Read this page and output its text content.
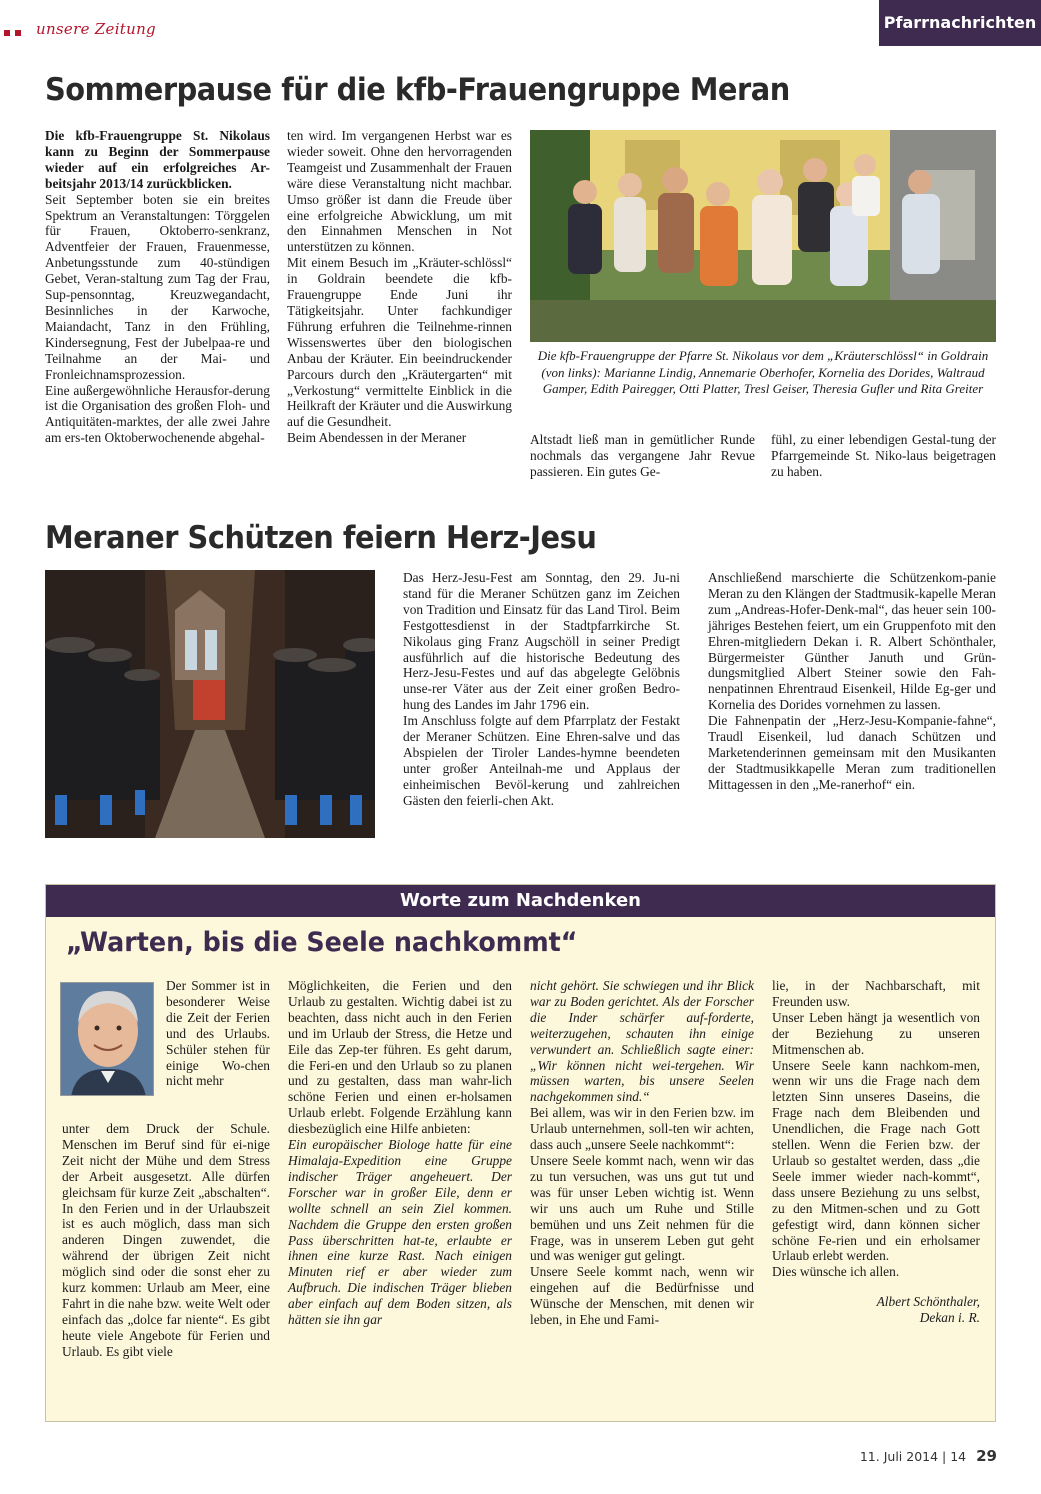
unsere Zeitung	Pfarrnachrichten
Sommerpause für die kfb-Frauengruppe Meran

Die kfb-Frauengruppe St. Nikolaus kann zu Beginn der Sommerpause wieder auf ein erfolgreiches Ar-beitsjahr 2013/14 zurückblicken.

Seit September boten sie ein breites Spektrum an Veranstaltungen: Törggelen für Frauen, Oktoberro-senkranz, Adventfeier der Frauen, Frauenmesse, Anbetungsstunde zum 40-stündigen Gebet, Veran-staltung zum Tag der Frau, Sup-pensonntag, Kreuzwegandacht, Besinnliches in der Karwoche, Maiandacht, Tanz in den Frühling, Kindersegnung, Fest der Jubelpaa-re und Teilnahme an der Mai- und Fronleichnamsprozession.

Eine außergewöhnliche Herausfor-derung ist die Organisation des großen Floh- und Antiquitäten-marktes, der alle zwei Jahre am ers-ten Oktoberwochenende abgehal-

ten wird. Im vergangenen Herbst war es wieder soweit. Ohne den hervorragenden Teamgeist und Zusammenhalt der Frauen wäre diese Veranstaltung nicht machbar. Umso größer ist dann die Freude über eine erfolgreiche Abwicklung, um mit den Einnahmen Menschen in Not unterstützen zu können.

Mit einem Besuch im „Kräuter-schlössl“ in Goldrain beendete die kfb-Frauengruppe Ende Juni ihr Tätigkeitsjahr. Unter fachkundiger Führung erfuhren die Teilnehme-rinnen Wissenswertes über den biologischen Anbau der Kräuter. Ein beeindruckender Parcours durch den „Kräutergarten“ mit „Verkostung“ vermittelte Einblick in die Heilkraft der Kräuter und die Auswirkung auf die Gesundheit.

Beim Abendessen in der Meraner

Die kfb-Frauengruppe der Pfarre St. Nikolaus vor dem „Kräuterschlössl“ in Goldrain (von links): Marianne Lindig, Annemarie Oberhofer, Kornelia des Dorides, Waltraud Gamper, Edith Pairegger, Otti Platter, Tresl Geiser, Theresia Gufler und Rita Greiter

Altstadt ließ man in gemütlicher Runde nochmals das vergangene Jahr Revue passieren. Ein gutes Ge-

fühl, zu einer lebendigen Gestal-tung der Pfarrgemeinde St. Niko-laus beigetragen zu haben.

Meraner Schützen feiern Herz-Jesu

Das Herz-Jesu-Fest am Sonntag, den 29. Ju-ni stand für die Meraner Schützen ganz im Zeichen von Tradition und Einsatz für das Land Tirol. Beim Festgottesdienst in der Stadtpfarrkirche St. Nikolaus ging Franz Augschöll in seiner Predigt ausführlich auf die historische Bedeutung des Herz-Jesu-Festes und auf das abgelegte Gelöbnis unse-rer Väter aus der Zeit einer großen Bedro-hung des Landes im Jahr 1796 ein.

Im Anschluss folgte auf dem Pfarrplatz der Festakt der Meraner Schützen. Eine Ehren-salve und das Abspielen der Tiroler Landes-hymne beendeten unter großer Anteilnah-me und Applaus der einheimischen Bevöl-kerung und zahlreichen Gästen den feierli-chen Akt.

Anschließend marschierte die Schützenkom-panie Meran zu den Klängen der Stadtmusik-kapelle Meran zum „Andreas-Hofer-Denk-mal“, das heuer sein 100-jähriges Bestehen feiert, um ein Gruppenfoto mit den Ehren-mitgliedern Dekan i. R. Albert Schönthaler, Bürgermeister Günther Januth und Grün-dungsmitglied Albert Steiner sowie den Fah-nenpatinnen Ehrentraud Eisenkeil, Hilde Eg-ger und Kornelia des Dorides vornehmen zu lassen.

Die Fahnenpatin der „Herz-Jesu-Kompanie-fahne“, Traudl Eisenkeil, lud danach Schützen und Marketenderinnen gemeinsam mit den Musikanten der Stadtmusikkapelle Meran zum traditionellen Mittagessen in den „Me-ranerhof“ ein.

Worte zum Nachdenken
„Warten, bis die Seele nachkommt“

Der Sommer ist in besonderer Weise die Zeit der Ferien und des Urlaubs. Schüler stehen für einige Wo-chen nicht mehr

unter dem Druck der Schule. Menschen im Beruf sind für ei-nige Zeit nicht der Mühe und dem Stress der Arbeit ausgesetzt. Alle dürfen gleichsam für kurze Zeit „abschalten“. In den Ferien und in der Urlaubszeit ist es auch möglich, dass man sich anderen Dingen zuwendet, die während der übrigen Zeit nicht möglich sind oder die sonst eher zu kurz kommen: Urlaub am Meer, eine Fahrt in die nahe bzw. weite Welt oder einfach das „dolce far niente“. Es gibt heute viele Angebote für Ferien und Urlaub. Es gibt viele

Möglichkeiten, die Ferien und den Urlaub zu gestalten. Wichtig dabei ist zu beachten, dass nicht auch in den Ferien und im Urlaub der Stress, die Hetze und Eile das Zep-ter führen. Es geht darum, die Feri-en und den Urlaub so zu planen und zu gestalten, dass man wahr-lich schöne Ferien und einen er-holsamen Urlaub erlebt. Folgende Erzählung kann diesbezüglich eine Hilfe anbieten:

Ein europäischer Biologe hatte für eine Himalaja-Expedition eine Gruppe indischer Träger angeheuert. Der Forscher war in großer Eile, denn er wollte schnell an sein Ziel kommen. Nachdem die Gruppe den ersten großen Pass überschritten hat-te, erlaubte er ihnen eine kurze Rast. Nach einigen Minuten rief er aber wieder zum Aufbruch. Die indischen Träger blieben aber einfach auf dem Boden sitzen, als hätten sie ihn gar

nicht gehört. Sie schwiegen und ihr Blick war zu Boden gerichtet. Als der Forscher die Inder schärfer auf-forderte, weiterzugehen, schauten ihn einige verwundert an. Schließlich sagte einer: „Wir können nicht wei-tergehen. Wir müssen warten, bis unsere Seelen nachgekommen sind.“

Bei allem, was wir in den Ferien bzw. im Urlaub unternehmen, soll-ten wir achten, dass auch „unsere Seele nachkommt“:

Unsere Seele kommt nach, wenn wir das zu tun versuchen, was uns gut tut und was für unser Leben wichtig ist. Wenn wir uns auch um Ruhe und Stille bemühen und uns Zeit nehmen für die Frage, was in unserem Leben gut geht und was weniger gut gelingt.

Unsere Seele kommt nach, wenn wir eingehen auf die Bedürfnisse und Wünsche der Menschen, mit denen wir leben, in Ehe und Fami-

lie, in der Nachbarschaft, mit Freunden usw.

Unser Leben hängt ja wesentlich von der Beziehung zu unseren Mitmenschen ab.

Unsere Seele kann nachkom-men, wenn wir uns die Frage nach dem letzten Sinn unseres Daseins, die Frage nach dem Bleibenden und Unendlichen, die Frage nach Gott stellen. Wenn die Ferien bzw. der Urlaub so gestaltet werden, dass „die Seele immer wieder nach-kommt“, dass unsere Beziehung zu uns selbst, zu den Mitmen-schen und zu Gott gefestigt wird, dann können sicher schöne Fe-rien und ein erholsamer Urlaub erlebt werden.

Dies wünsche ich allen.

Albert Schönthaler,

Dekan i. R.

11. Juli 2014 | 14 29
